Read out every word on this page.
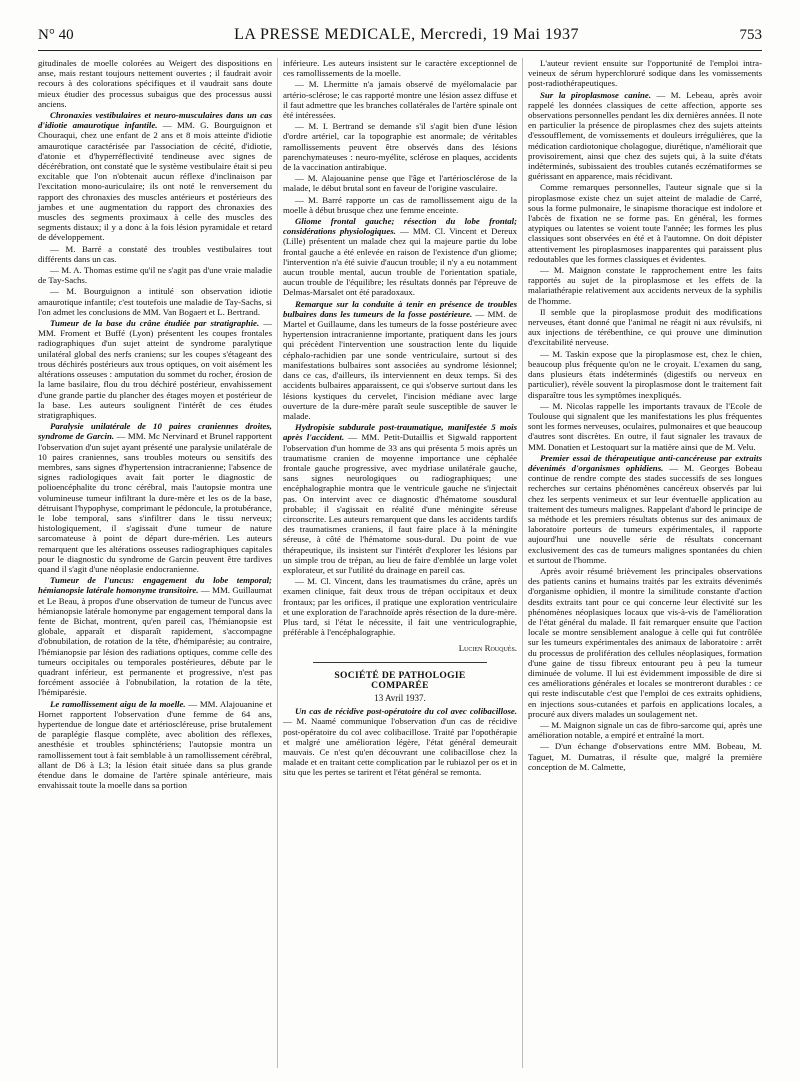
N° 40	LA PRESSE MEDICALE, Mercredi, 19 Mai 1937	753

gitudinales de moelle colorées au Weigert des dispositions en anse, mais restant toujours nettement ouvertes ; il faudrait avoir recours à des colorations spécifiques et il vaudrait sans doute mieux étudier des processus subaigus que des processus aussi anciens.

Chronaxies vestibulaires et neuro-musculaires dans un cas d'idiotie amaurotique infantile. — MM. G. Bourguignon et Chouraqui, chez une enfant de 2 ans et 8 mois atteinte d'idiotie amaurotique caractérisée par l'association de cécité, d'idiotie, d'atonie et d'hyperréflectivité tendineuse avec signes de décérébration, ont constaté que le système vestibulaire était si peu excitable que l'on n'obtenait aucun réflexe d'inclinaison par l'excitation mono-auriculaire; ils ont noté le renversement du rapport des chronaxies des muscles antérieurs et postérieurs des jambes et une augmentation du rapport des chronaxies des muscles des segments proximaux à celle des muscles des segments distaux; il y a donc à la fois lésion pyramidale et retard de développement.

— M. Barré a constaté des troubles vestibulaires tout différents dans un cas.

— M. A. Thomas estime qu'il ne s'agit pas d'une vraie maladie de Tay-Sachs.

— M. Bourguignon a intitulé son observation idiotie amaurotique infantile; c'est toutefois une maladie de Tay-Sachs, si l'on admet les conclusions de MM. Van Bogaert et L. Bertrand.

Tumeur de la base du crâne étudiée par stratigraphie. — MM. Froment et Buffé (Lyon) présentent les coupes frontales radiographiques d'un sujet atteint de syndrome paralytique unilatéral global des nerfs craniens; sur les coupes s'étageant des trous déchirés postérieurs aux trous optiques, on voit aisément les altérations osseuses : amputation du sommet du rocher, érosion de la lame basilaire, flou du trou déchiré postérieur, envahissement d'une grande partie du plancher des étages moyen et postérieur de la base. Les auteurs soulignent l'intérêt de ces études stratigraphiques.

Paralysie unilatérale de 10 paires craniennes droites, syndrome de Garcin. — MM. Mc Nervinard et Brunel rapportent l'observation d'un sujet ayant présenté une paralysie unilatérale de 10 paires craniennes, sans troubles moteurs ou sensitifs des membres, sans signes d'hypertension intracranienne; l'absence de signes radiologiques avait fait porter le diagnostic de polioencéphalite du tronc cérébral, mais l'autopsie montra une volumineuse tumeur infiltrant la dure-mère et les os de la base, détruisant l'hypophyse, comprimant le pédoncule, la protubérance, le lobe temporal, sans s'infiltrer dans le tissu nerveux; histologiquement, il s'agissait d'une tumeur de nature sarcomateuse à point de départ dure-mérien. Les auteurs remarquent que les altérations osseuses radiographiques capitales pour le diagnostic du syndrome de Garcin peuvent être tardives quand il s'agit d'une néoplasie endocranienne.

Tumeur de l'uncus: engagement du lobe temporal; hémianopsie latérale homonyme transitoire. — MM. Guillaumat et Le Beau, à propos d'une observation de tumeur de l'uncus avec hémianopsie latérale homonyme par engagement temporal dans la fente de Bichat, montrent, qu'en pareil cas, l'hémianopsie est globale, apparaît et disparaît rapidement, s'accompagne d'obnubilation, de rotation de la tête, d'hémiparésie; au contraire, l'hémianopsie par lésion des radiations optiques, comme celle des tumeurs occipitales ou temporales postérieures, débute par le quadrant inférieur, est permanente et progressive, n'est pas forcément associée à l'obnubilation, la rotation de la tête, l'hémiparésie.

Le ramollissement aigu de la moelle. — MM. Alajouanine et Hornet rapportent l'observation d'une femme de 64 ans, hypertendue de longue date et artérioscléreuse, prise brutalement de paraplégie flasque complète, avec abolition des réflexes, anesthésie et troubles sphinctériens; l'autopsie montra un ramollissement tout à fait semblable à un ramollissement cérébral, allant de D6 à L3; la lésion était située dans sa plus grande étendue dans le domaine de l'artère spinale antérieure, mais envahissait toute la moelle dans sa portion

inférieure. Les auteurs insistent sur le caractère exceptionnel de ces ramollissements de la moelle.

— M. Lhermitte n'a jamais observé de myélomalacie par artério-sclérose; le cas rapporté montre une lésion assez diffuse et il faut admettre que les branches collatérales de l'artère spinale ont été intéressées.

— M. I. Bertrand se demande s'il s'agit bien d'une lésion d'ordre artériel, car la topographie est anormale; de véritables ramollissements peuvent être observés dans des lésions parenchymateuses : neuro-myélite, sclérose en plaques, accidents de la vaccination antirabique.

— M. Alajouanine pense que l'âge et l'artériosclérose de la malade, le début brutal sont en faveur de l'origine vasculaire.

— M. Barré rapporte un cas de ramollissement aigu de la moelle à début brusque chez une femme enceinte.

Gliome frontal gauche; résection du lobe frontal; considérations physiologiques. — MM. Cl. Vincent et Dereux (Lille) présentent un malade chez qui la majeure partie du lobe frontal gauche a été enlevée en raison de l'existence d'un gliome; l'intervention n'a été suivie d'aucun trouble; il n'y a eu notamment aucun trouble mental, aucun trouble de l'orientation spatiale, aucun trouble de l'équilibre; les résultats donnés par l'épreuve de Delmas-Marsalet ont été paradoxaux.

Remarque sur la conduite à tenir en présence de troubles bulbaires dans les tumeurs de la fosse postérieure. — MM. de Martel et Guillaume, dans les tumeurs de la fosse postérieure avec hypertension intracranienne importante, pratiquent dans les jours qui précèdent l'intervention une soustraction lente du liquide céphalo-rachidien par une sonde ventriculaire, surtout si des manifestations bulbaires sont associées au syndrome lésionnel; dans ce cas, d'ailleurs, ils interviennent en deux temps. Si des accidents bulbaires apparaissent, ce qui s'observe surtout dans les lésions kystiques du cervelet, l'incision médiane avec large ouverture de la dure-mère paraît seule susceptible de sauver le malade.

Hydropisie subdurale post-traumatique, manifestée 5 mois après l'accident. — MM. Petit-Dutaillis et Sigwald rapportent l'observation d'un homme de 33 ans qui présenta 5 mois après un traumatisme cranien de moyenne importance une céphalée frontale gauche progressive, avec mydriase unilatérale gauche, sans signes neurologiques ou radiographiques; une encéphalographie montra que le ventricule gauche ne s'injectait pas. On intervint avec ce diagnostic d'hématome sousdural probable; il s'agissait en réalité d'une méningite séreuse circonscrite. Les auteurs remarquent que dans les accidents tardifs des traumatismes craniens, il faut faire place à la méningite séreuse, à côté de l'hématome sous-dural. Du point de vue thérapeutique, ils insistent sur l'intérêt d'explorer les lésions par un simple trou de trépan, au lieu de faire d'emblée un large volet explorateur, et sur l'utilité du drainage en pareil cas.

— M. Cl. Vincent, dans les traumatismes du crâne, après un examen clinique, fait deux trous de trépan occipitaux et deux frontaux; par les orifices, il pratique une exploration ventriculaire et une exploration de l'arachnoïde après résection de la dure-mère. Plus tard, si l'état le nécessite, il fait une ventriculographie, préférable à l'encéphalographie.

Lucien Rouquès.

SOCIÉTÉ DE PATHOLOGIE COMPARÉE
13 Avril 1937.

Un cas de récidive post-opératoire du col avec colibacillose. — M. Naamé communique l'observation d'un cas de récidive post-opératoire du col avec colibacillose. Traité par l'opothérapie et malgré une amélioration légère, l'état général demeurait mauvais. Ce n'est qu'en découvrant une colibacillose chez la malade et en traitant cette complication par le rubiazol per os et in situ que les pertes se tarirent et l'état général se remonta.

L'auteur revient ensuite sur l'opportunité de l'emploi intra-veineux de sérum hyperchloruré sodique dans les vomissements post-radiothérapeutiques.

Sur la piroplasmose canine. — M. Lebeau, après avoir rappelé les données classiques de cette affection, apporte ses observations personnelles pendant les dix dernières années. Il note en particulier la présence de piroplasmes chez des sujets atteints d'essoufflement, de vomissements et douleurs irrégulières, que la médication cardiotonique cholagogue, diurétique, n'améliorait que provisoirement, ainsi que chez des sujets qui, à la suite d'états indéterminés, subissaient des troubles cutanés eczématiformes se guérissant en apparence, mais récidivant.

Comme remarques personnelles, l'auteur signale que si la piroplasmose existe chez un sujet atteint de maladie de Carré, sous la forme pulmonaire, le sinapisme thoracique est indolore et l'abcès de fixation ne se forme pas. En général, les formes atypiques ou latentes se voient toute l'année; les formes les plus classiques sont observées en été et à l'automne. On doit dépister attentivement les piroplasmoses inapparentes qui paraissent plus redoutables que les formes classiques et évidentes.

— M. Maignon constate le rapprochement entre les faits rapportés au sujet de la piroplasmose et les effets de la malariathérapie relativement aux accidents nerveux de la syphilis de l'homme.

Il semble que la piroplasmose produit des modifications nerveuses, étant donné que l'animal ne réagit ni aux révulsifs, ni aux injections de térébenthine, ce qui prouve une diminution d'excitabilité nerveuse.

— M. Taskin expose que la piroplasmose est, chez le chien, beaucoup plus fréquente qu'on ne le croyait. L'examen du sang, dans plusieurs états indéterminés (digestifs ou nerveux en particulier), révèle souvent la piroplasmose dont le traitement fait disparaître tous les symptômes inexpliqués.

— M. Nicolas rappelle les importants travaux de l'Ecole de Toulouse qui signalent que les manifestations les plus fréquentes sont les formes nerveuses, oculaires, pulmonaires et que beaucoup d'autres sont discrètes. En outre, il faut signaler les travaux de MM. Donatien et Lestoquart sur la matière ainsi que de M. Velu.

Premier essai de thérapeutique anti-cancéreuse par extraits dévenimés d'organismes ophidiens. — M. Georges Bobeau continue de rendre compte des stades successifs de ses longues recherches sur certains phénomènes cancéreux observés par lui chez les serpents venimeux et sur leur éventuelle application au traitement des tumeurs malignes. Rappelant d'abord le principe de sa méthode et les premiers résultats obtenus sur des animaux de laboratoire porteurs de tumeurs expérimentales, il rapporte aujourd'hui une nouvelle série de résultats concernant exclusivement des cas de tumeurs malignes spontanées du chien et surtout de l'homme.

Après avoir résumé brièvement les principales observations des patients canins et humains traités par les extraits dévenimés d'organisme ophidien, il montre la similitude constante d'action desdits extraits tant pour ce qui concerne leur électivité sur les phénomènes néoplasiques locaux que vis-à-vis de l'amélioration de l'état général du malade. Il fait remarquer ensuite que l'action locale se montre sensiblement analogue à celle qui fut contrôlée sur les tumeurs expérimentales des animaux de laboratoire : arrêt du processus de prolifération des cellules néoplasiques, formation d'une gaine de tissu fibreux entourant peu à peu la tumeur diminuée de volume. Il lui est évidemment impossible de dire si ces améliorations générales et locales se montreront durables : ce qui reste indiscutable c'est que l'emploi de ces extraits ophidiens, en injections sous-cutanées et parfois en applications locales, a procuré aux divers malades un soulagement net.

— M. Maignon signale un cas de fibro-sarcome qui, après une amélioration notable, a empiré et entraîné la mort.

— D'un échange d'observations entre MM. Bobeau, M. Taguet, M. Dumatras, il résulte que, malgré la première conception de M. Calmette,
